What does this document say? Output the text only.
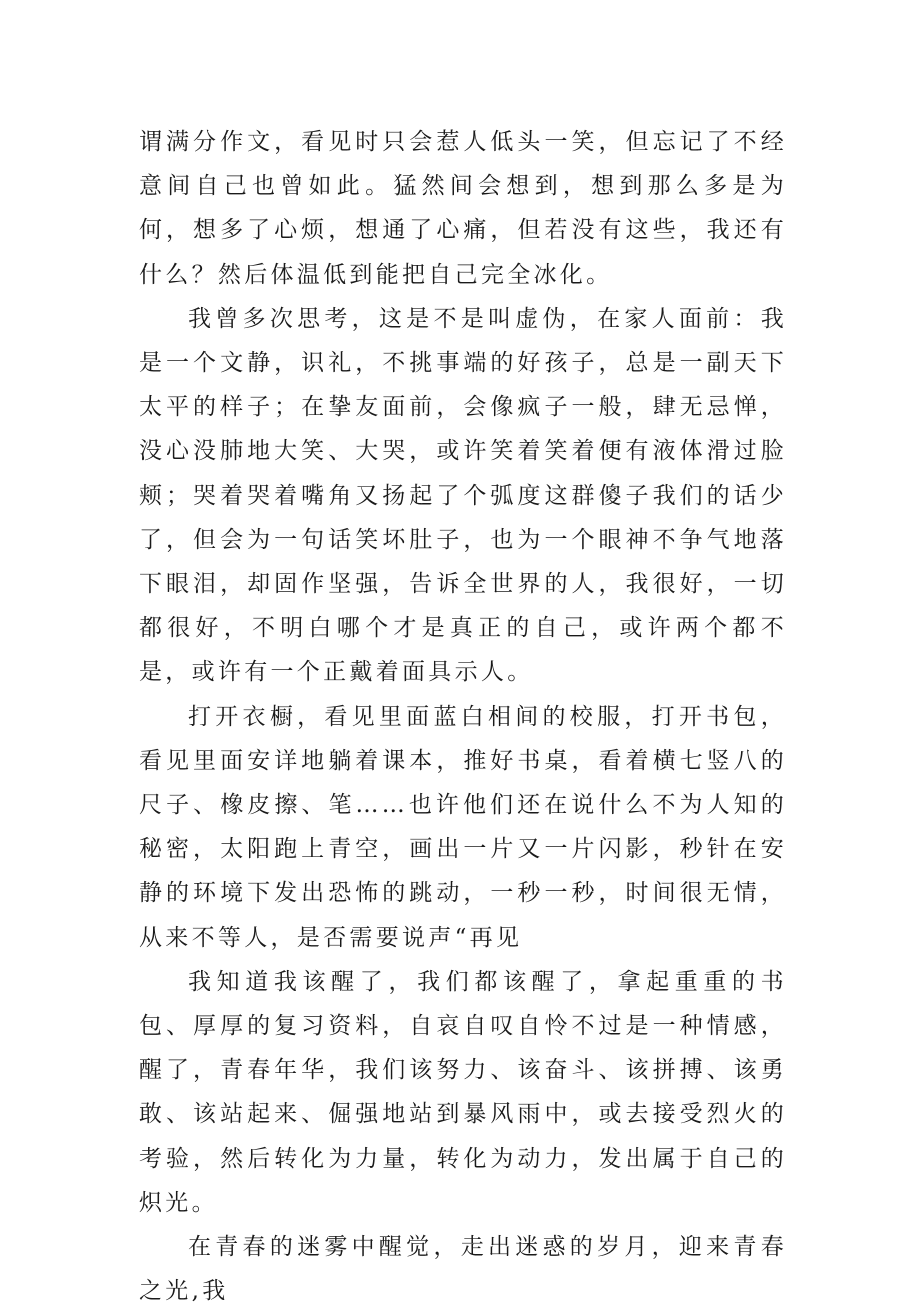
谓满分作文，看见时只会惹人低头一笑，但忘记了不经意间自己也曾如此。猛然间会想到，想到那么多是为何，想多了心烦，想通了心痛，但若没有这些，我还有什么？然后体温低到能把自己完全冰化。

我曾多次思考，这是不是叫虚伪，在家人面前：我是一个文静，识礼，不挑事端的好孩子，总是一副天下太平的样子；在挚友面前，会像疯子一般，肆无忌惮，没心没肺地大笑、大哭，或许笑着笑着便有液体滑过脸颊；哭着哭着嘴角又扬起了个弧度这群傻子我们的话少了，但会为一句话笑坏肚子，也为一个眼神不争气地落下眼泪，却固作坚强，告诉全世界的人，我很好，一切都很好，不明白哪个才是真正的自己，或许两个都不是，或许有一个正戴着面具示人。

打开衣橱，看见里面蓝白相间的校服，打开书包，看见里面安详地躺着课本，推好书桌，看着横七竖八的尺子、橡皮擦、笔……也许他们还在说什么不为人知的秘密，太阳跑上青空，画出一片又一片闪影，秒针在安静的环境下发出恐怖的跳动，一秒一秒，时间很无情，从来不等人，是否需要说声“再见

我知道我该醒了，我们都该醒了，拿起重重的书包、厚厚的复习资料，自哀自叹自怜不过是一种情感，醒了，青春年华，我们该努力、该奋斗、该拼搏、该勇敢、该站起来、倔强地站到暴风雨中，或去接受烈火的考验，然后转化为力量，转化为动力，发出属于自己的炽光。

在青春的迷雾中醒觉，走出迷惑的岁月，迎来青春之光,我
